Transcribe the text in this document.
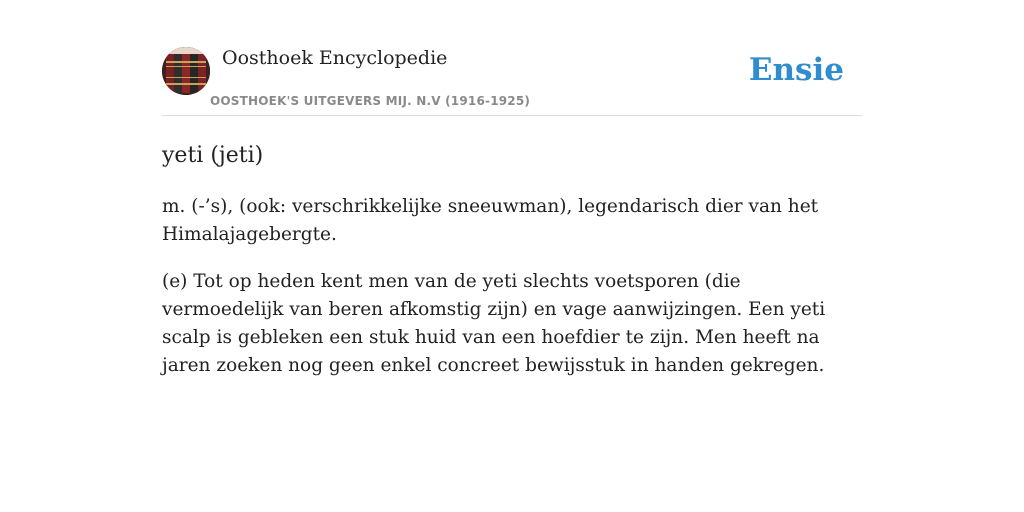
Oosthoek Encyclopedie
OOSTHOEK'S UITGEVERS MIJ. N.V (1916-1925)
Ensie
yeti (jeti)

m. (-’s), (ook: verschrikkelijke sneeuwman), legendarisch dier van het Himalajagebergte.

(e) Tot op heden kent men van de yeti slechts voetsporen (die vermoedelijk van beren afkomstig zijn) en vage aanwijzingen. Een yeti scalp is gebleken een stuk huid van een hoefdier te zijn. Men heeft na jaren zoeken nog geen enkel concreet bewijsstuk in handen gekregen.
